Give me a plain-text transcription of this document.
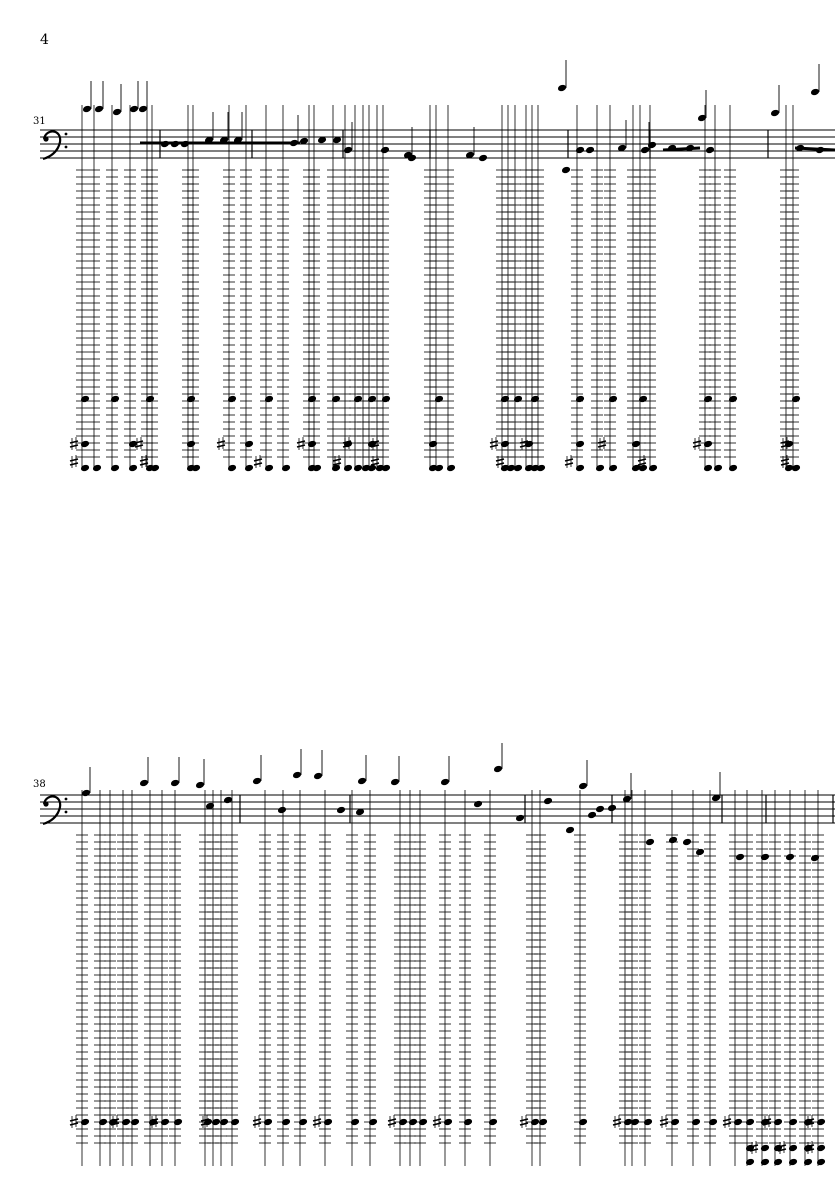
4
31
38
